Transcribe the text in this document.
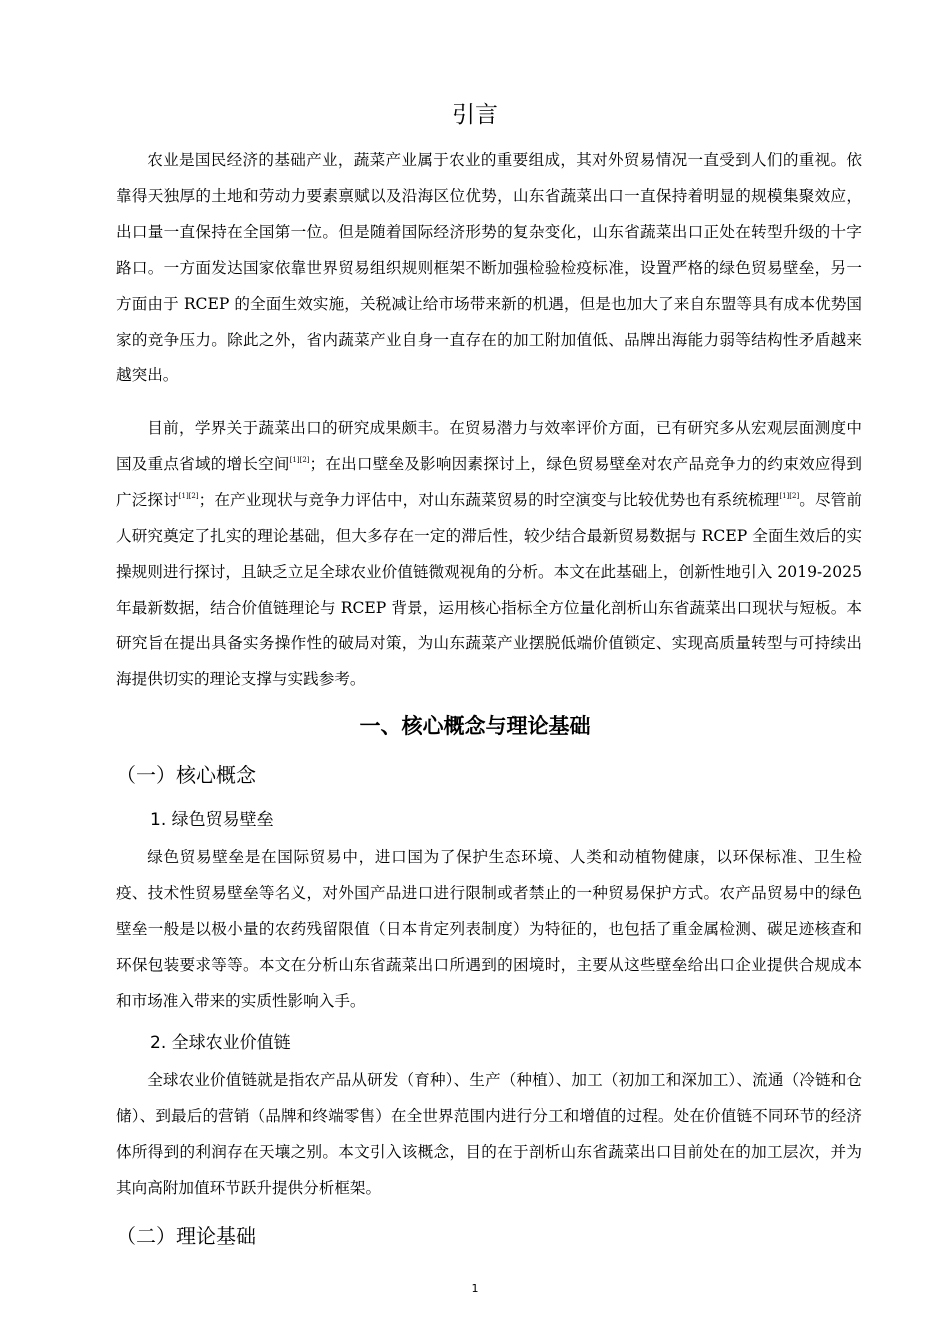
引言

农业是国民经济的基础产业，蔬菜产业属于农业的重要组成，其对外贸易情况一直受到人们的重视。依靠得天独厚的土地和劳动力要素禀赋以及沿海区位优势，山东省蔬菜出口一直保持着明显的规模集聚效应，出口量一直保持在全国第一位。但是随着国际经济形势的复杂变化，山东省蔬菜出口正处在转型升级的十字路口。一方面发达国家依靠世界贸易组织规则框架不断加强检验检疫标准，设置严格的绿色贸易壁垒，另一方面由于 RCEP 的全面生效实施，关税减让给市场带来新的机遇，但是也加大了来自东盟等具有成本优势国家的竞争压力。除此之外，省内蔬菜产业自身一直存在的加工附加值低、品牌出海能力弱等结构性矛盾越来越突出。

目前，学界关于蔬菜出口的研究成果颇丰。在贸易潜力与效率评价方面，已有研究多从宏观层面测度中国及重点省域的增长空间[1][2]；在出口壁垒及影响因素探讨上，绿色贸易壁垒对农产品竞争力的约束效应得到广泛探讨[1][2]；在产业现状与竞争力评估中，对山东蔬菜贸易的时空演变与比较优势也有系统梳理[1][2]。尽管前人研究奠定了扎实的理论基础，但大多存在一定的滞后性，较少结合最新贸易数据与 RCEP 全面生效后的实操规则进行探讨，且缺乏立足全球农业价值链微观视角的分析。本文在此基础上，创新性地引入 2019-2025 年最新数据，结合价值链理论与 RCEP 背景，运用核心指标全方位量化剖析山东省蔬菜出口现状与短板。本研究旨在提出具备实务操作性的破局对策，为山东蔬菜产业摆脱低端价值锁定、实现高质量转型与可持续出海提供切实的理论支撑与实践参考。

一、核心概念与理论基础
（一）核心概念
1. 绿色贸易壁垒

绿色贸易壁垒是在国际贸易中，进口国为了保护生态环境、人类和动植物健康，以环保标准、卫生检疫、技术性贸易壁垒等名义，对外国产品进口进行限制或者禁止的一种贸易保护方式。农产品贸易中的绿色壁垒一般是以极小量的农药残留限值（日本肯定列表制度）为特征的，也包括了重金属检测、碳足迹核查和环保包装要求等等。本文在分析山东省蔬菜出口所遇到的困境时，主要从这些壁垒给出口企业提供合规成本和市场准入带来的实质性影响入手。

2. 全球农业价值链

全球农业价值链就是指农产品从研发（育种）、生产（种植）、加工（初加工和深加工）、流通（冷链和仓储）、到最后的营销（品牌和终端零售）在全世界范围内进行分工和增值的过程。处在价值链不同环节的经济体所得到的利润存在天壤之别。本文引入该概念，目的在于剖析山东省蔬菜出口目前处在的加工层次，并为其向高附加值环节跃升提供分析框架。

（二）理论基础
1
